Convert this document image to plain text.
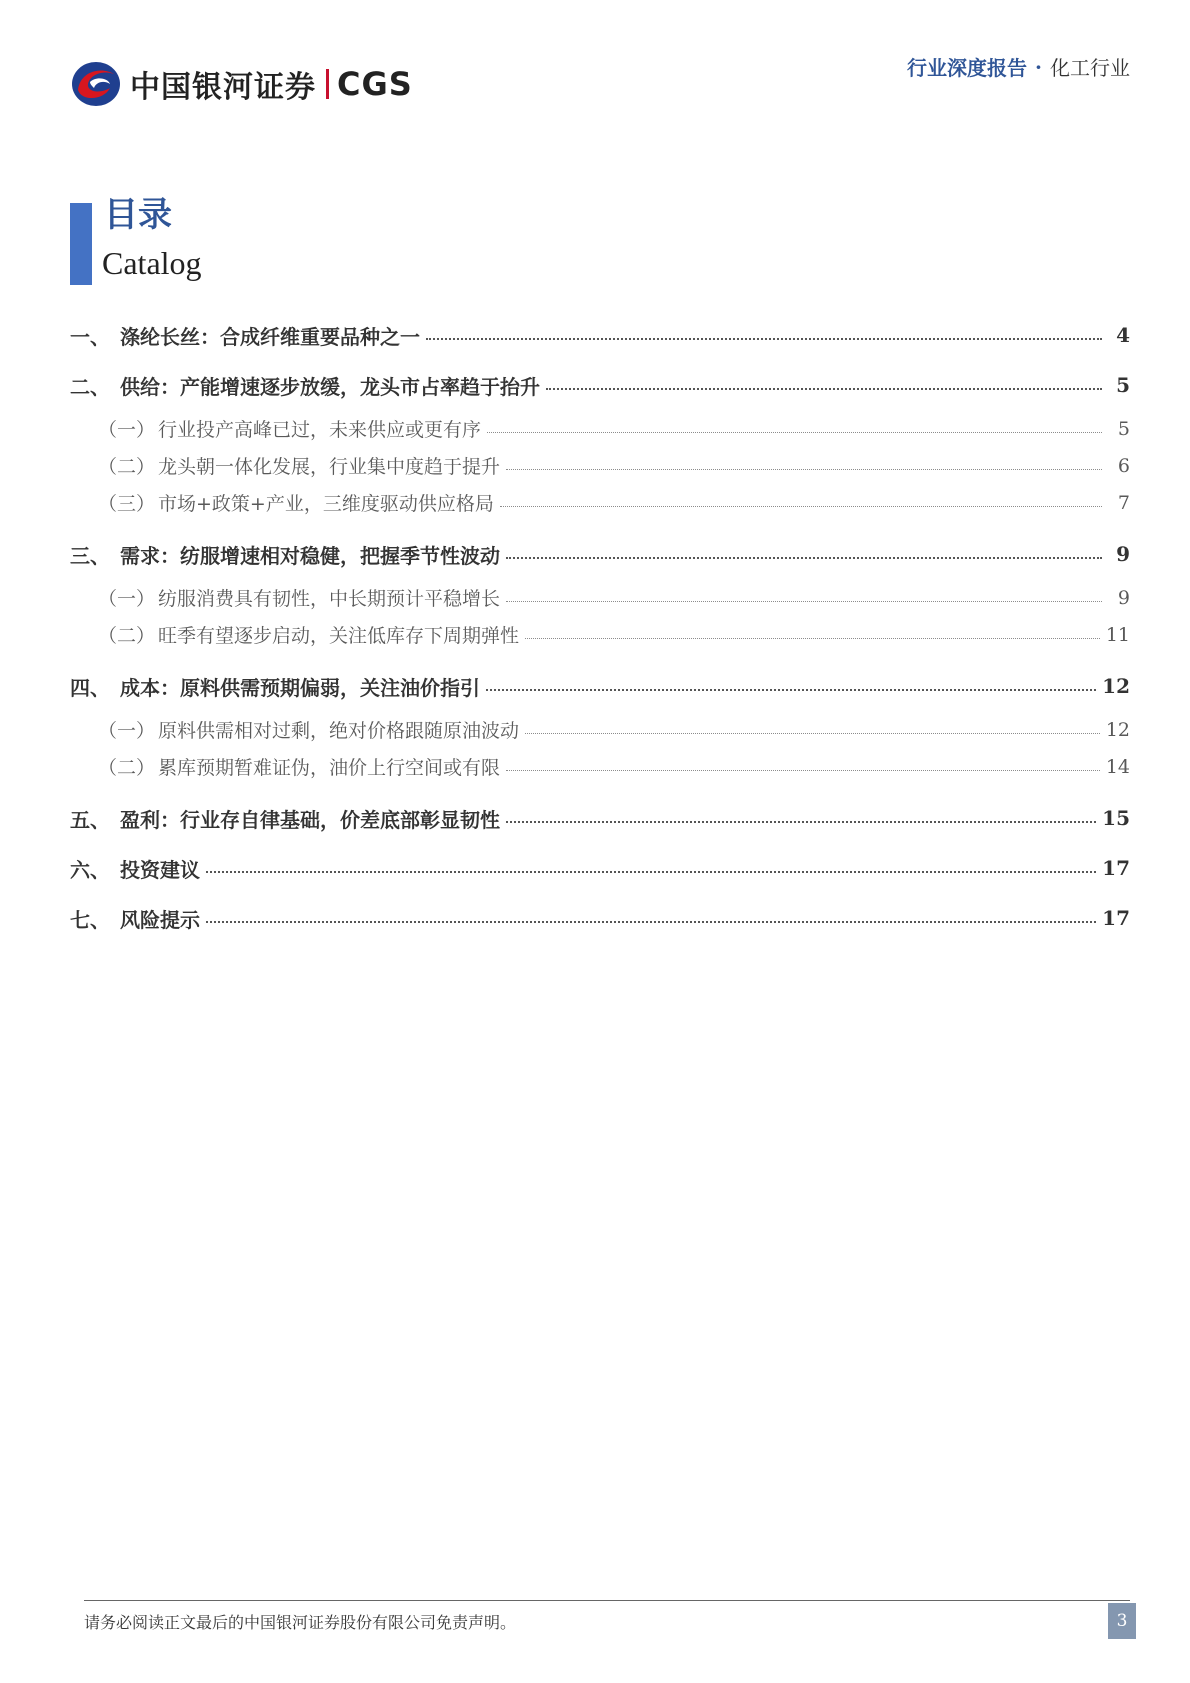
中国银河证券 CGS	行业深度报告 · 化工行业
目录
Catalog
一、 涤纶长丝：合成纤维重要品种之一	4
二、 供给：产能增速逐步放缓，龙头市占率趋于抬升	5
（一） 行业投产高峰已过，未来供应或更有序	5
（二） 龙头朝一体化发展，行业集中度趋于提升	6
（三） 市场+政策+产业，三维度驱动供应格局	7
三、 需求：纺服增速相对稳健，把握季节性波动	9
（一） 纺服消费具有韧性，中长期预计平稳增长	9
（二） 旺季有望逐步启动，关注低库存下周期弹性	11
四、 成本：原料供需预期偏弱，关注油价指引	12
（一） 原料供需相对过剩，绝对价格跟随原油波动	12
（二） 累库预期暂难证伪，油价上行空间或有限	14
五、 盈利：行业存自律基础，价差底部彰显韧性	15
六、 投资建议	17
七、 风险提示	17
请务必阅读正文最后的中国银河证券股份有限公司免责声明。	3
